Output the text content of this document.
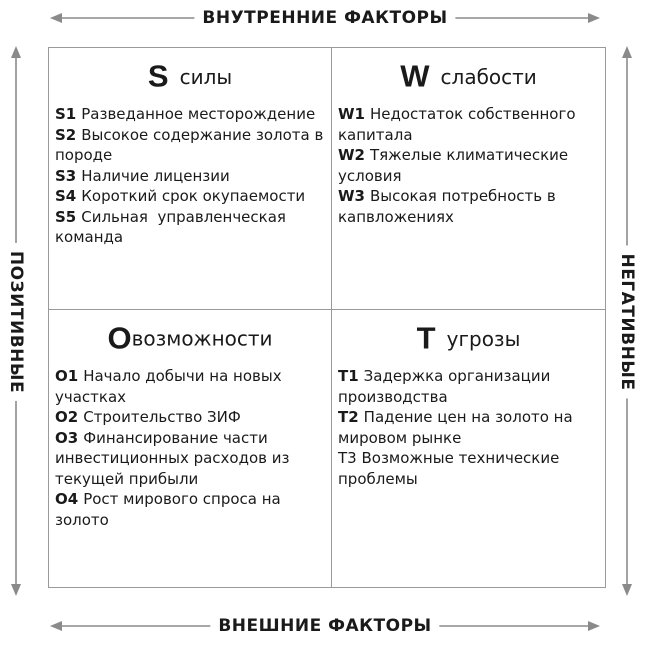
ВНУТРЕННИЕ ФАКТОРЫ
ВНЕШНИЕ ФАКТОРЫ
ПОЗИТИВНЫЕ	НЕГАТИВНЫЕ
S силы
S1 Разведанное месторождение
S2 Высокое содержание золота в породе
S3 Наличие лицензии
S4 Короткий срок окупаемости
S5 Сильная  управленческая команда
W слабости
W1 Недостаток собственного капитала
W2 Тяжелые климатические условия
W3 Высокая потребность в капвложениях
Oвозможности
O1 Начало добычи на новых участках
O2 Строительство ЗИФ
O3 Финансирование части инвестиционных расходов из текущей прибыли
O4 Рост мирового спроса на золото
T угрозы
T1 Задержка организации производства
T2 Падение цен на золото на мировом рынке
Т3 Возможные технические проблемы
